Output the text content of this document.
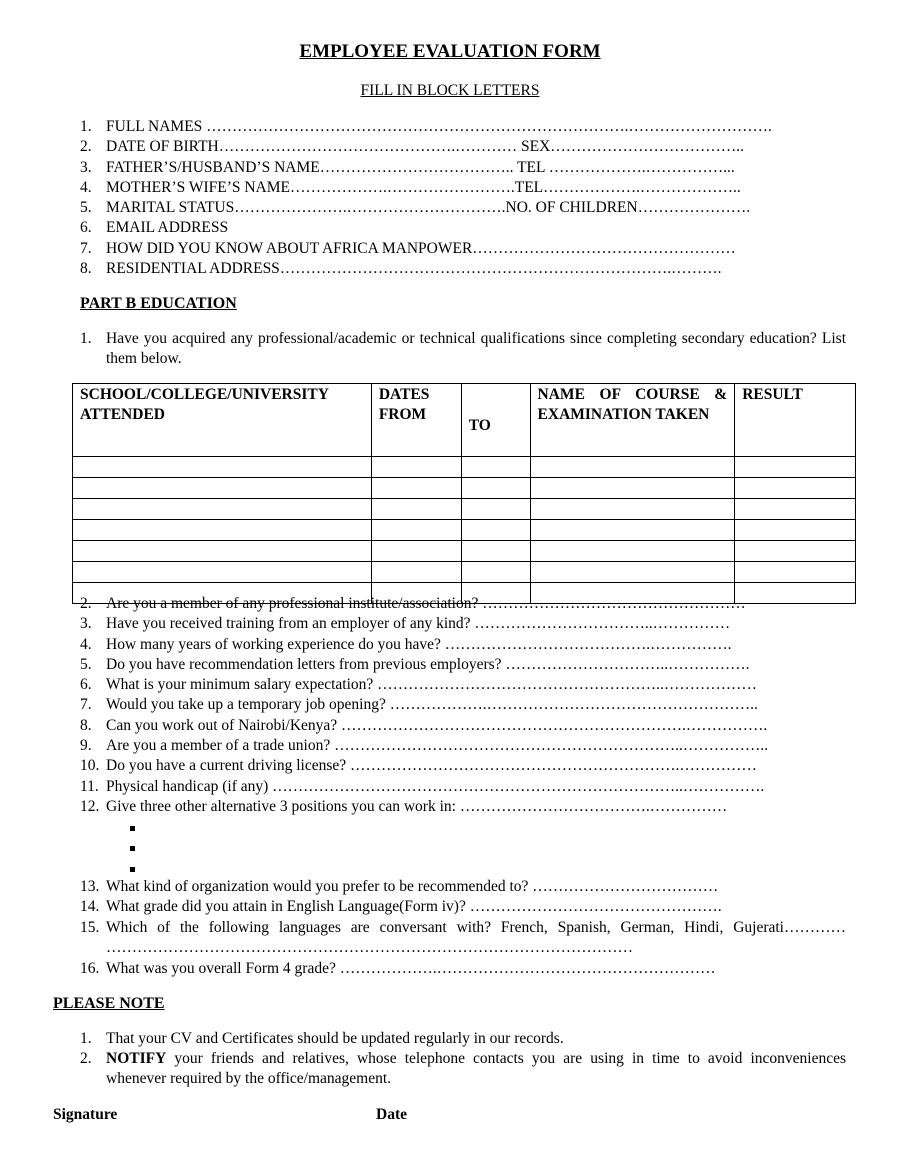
EMPLOYEE EVALUATION FORM
FILL IN BLOCK LETTERS
1. FULL NAMES ……………………………………………………………………….……………………….
2. DATE OF BIRTH……………………………………….………… SEX………………………………..
3. FATHER’S/HUSBAND’S NAME……………………………….. TEL ……………….……………...
4. MOTHER’S WIFE’S NAME……………….…………………….TEL……………….………………..
5. MARITAL STATUS………………….………………………….NO. OF CHILDREN………………….
6. EMAIL ADDRESS
7. HOW DID YOU KNOW ABOUT AFRICA MANPOWER……………………………………………
8. RESIDENTIAL ADDRESS………………………………………………………………….……….
PART B EDUCATION
1. Have you acquired any professional/academic or technical qualifications since completing secondary education? List them below.
SCHOOL/COLLEGE/UNIVERSITY ATTENDED	DATES FROM	TO	NAME OF COURSE & EXAMINATION TAKEN	RESULT

2. Are you a member of any professional institute/association? ……………………………………………
3. Have you received training from an employer of any kind? ……………………………..……………
4. How many years of working experience do you have? ………………………………….…………….
5. Do you have recommendation letters from previous employers? …………………………..…………….
6. What is your minimum salary expectation? ………………………………………………..………………
7. Would you take up a temporary job opening? ……………….……………………………………………..
8. Can you work out of Nairobi/Kenya? ………………………………………………………….…………….
9. Are you a member of a trade union? …………………………………………………………..……………..
10. Do you have a current driving license? ……………………………………………………….……………
11. Physical handicap (if any) ……………………………………………………………………..…………….
12. Give three other alternative 3 positions you can work in: ……………………………….……………
13. What kind of organization would you prefer to be recommended to? ………………………………
14. What grade did you attain in English Language(Form iv)? ………………………………………….
15. Which of the following languages are conversant with? French, Spanish, German, Hindi, Gujerati………… …………………………………………………………………………………………
16. What was you overall Form 4 grade? ……………….………………………………………………
PLEASE NOTE
1. That your CV and Certificates should be updated regularly in our records.
2. NOTIFY your friends and relatives, whose telephone contacts you are using in time to avoid inconveniences whenever required by the office/management.
Signature	Date
